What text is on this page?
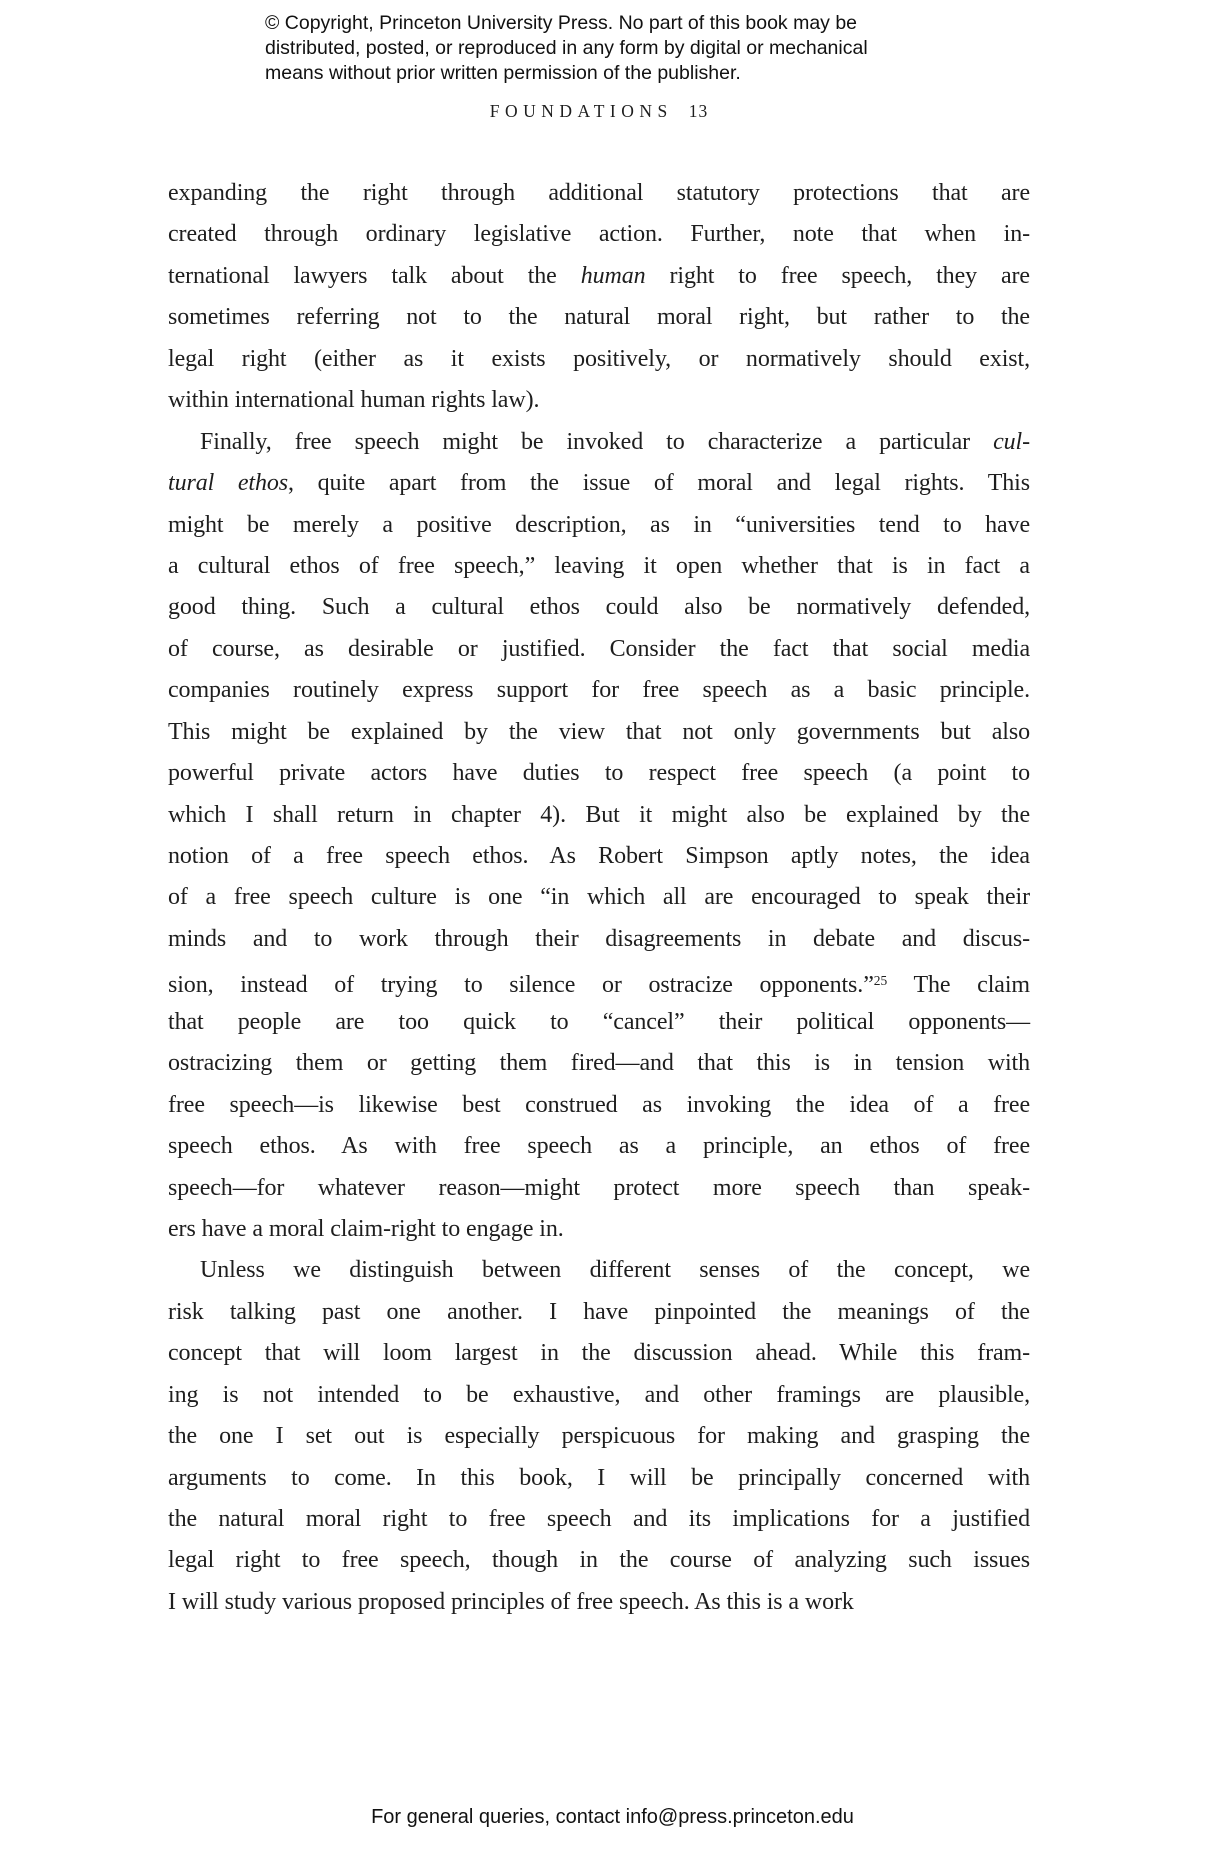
© Copyright, Princeton University Press. No part of this book may be
distributed, posted, or reproduced in any form by digital or mechanical
means without prior written permission of the publisher.
FOUNDATIONS 13
expanding the right through additional statutory protections that are
created through ordinary legislative action. Further, note that when in-
ternational lawyers talk about the human right to free speech, they are
sometimes referring not to the natural moral right, but rather to the
legal right (either as it exists positively, or normatively should exist,
within international human rights law).
Finally, free speech might be invoked to characterize a particular cul-
tural ethos, quite apart from the issue of moral and legal rights. This
might be merely a positive description, as in “universities tend to have
a cultural ethos of free speech,” leaving it open whether that is in fact a
good thing. Such a cultural ethos could also be normatively defended,
of course, as desirable or justified. Consider the fact that social media
companies routinely express support for free speech as a basic principle.
This might be explained by the view that not only governments but also
powerful private actors have duties to respect free speech (a point to
which I shall return in chapter 4). But it might also be explained by the
notion of a free speech ethos. As Robert Simpson aptly notes, the idea
of a free speech culture is one “in which all are encouraged to speak their
minds and to work through their disagreements in debate and discus-
sion, instead of trying to silence or ostracize opponents.”$^{25}$ The claim
that people are too quick to “cancel” their political opponents—
ostracizing them or getting them fired—and that this is in tension with
free speech—is likewise best construed as invoking the idea of a free
speech ethos. As with free speech as a principle, an ethos of free
speech—for whatever reason—might protect more speech than speak-
ers have a moral claim-right to engage in.
Unless we distinguish between different senses of the concept, we
risk talking past one another. I have pinpointed the meanings of the
concept that will loom largest in the discussion ahead. While this fram-
ing is not intended to be exhaustive, and other framings are plausible,
the one I set out is especially perspicuous for making and grasping the
arguments to come. In this book, I will be principally concerned with
the natural moral right to free speech and its implications for a justified
legal right to free speech, though in the course of analyzing such issues
I will study various proposed principles of free speech. As this is a work
For general queries, contact info@press.princeton.edu
